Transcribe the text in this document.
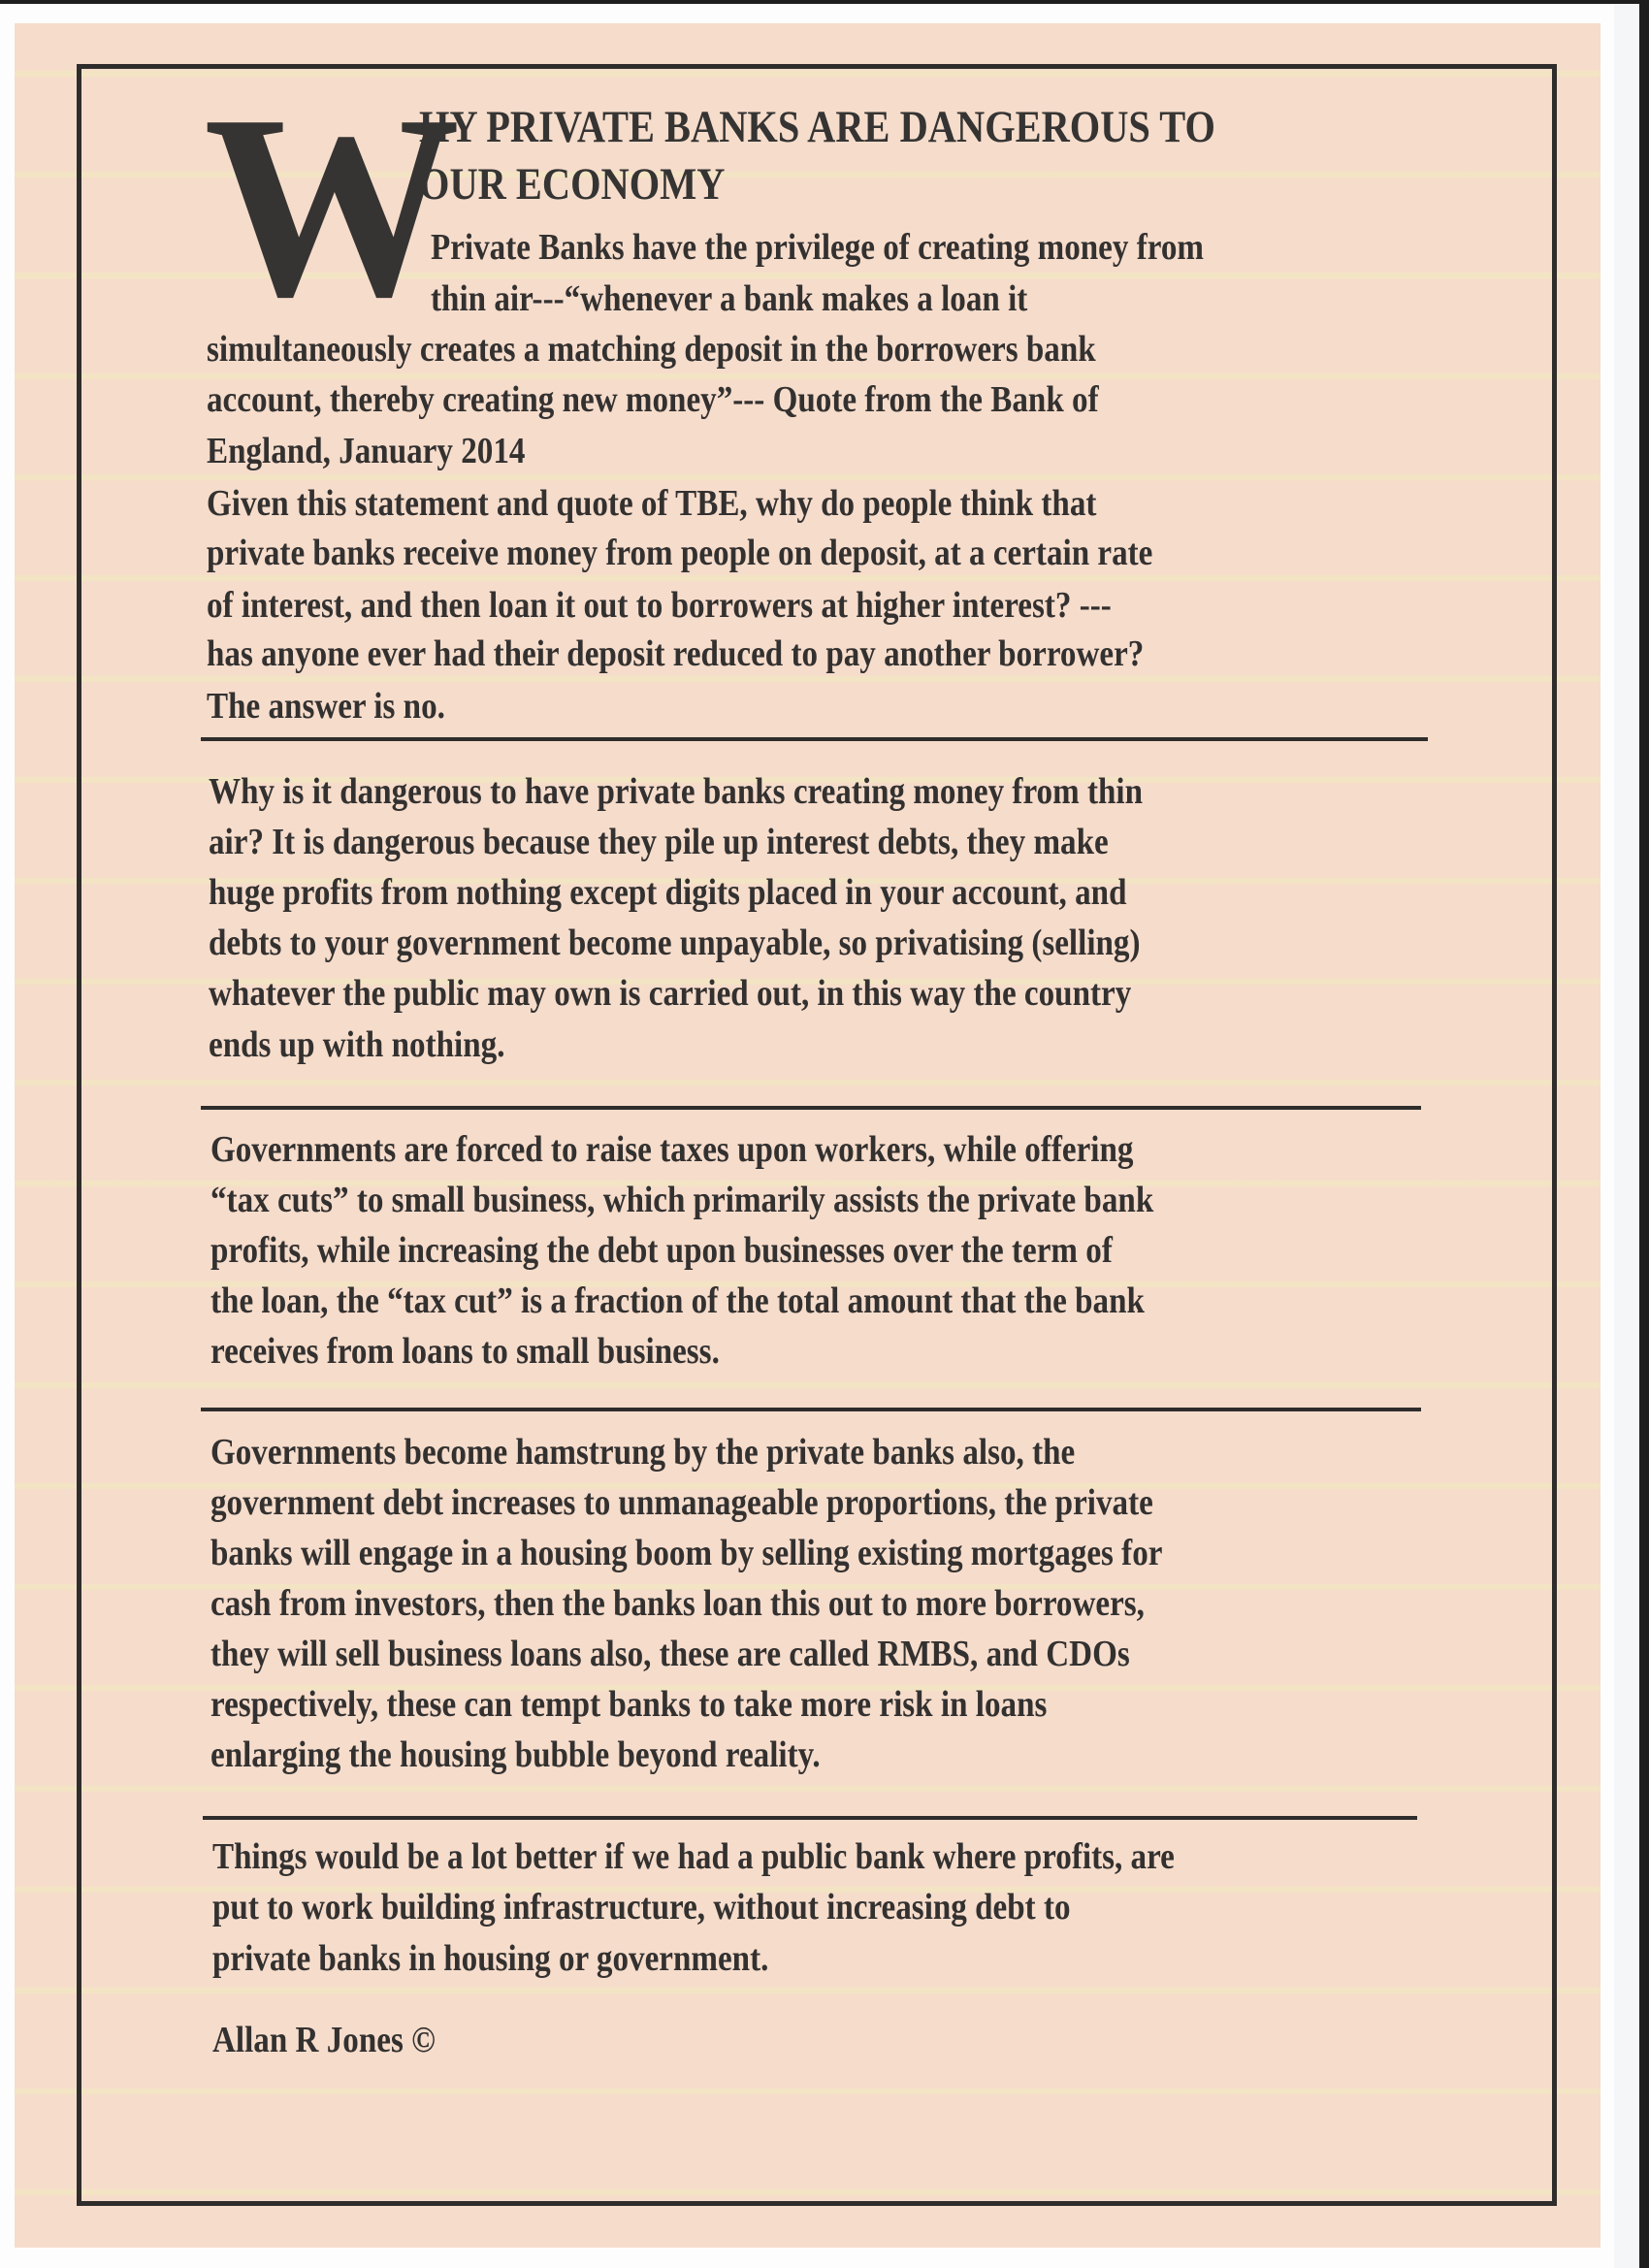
W
HY PRIVATE BANKS ARE DANGEROUS TO
OUR ECONOMY
Private Banks have the privilege of creating money from
thin air---“whenever a bank makes a loan it
simultaneously creates a matching deposit in the borrowers bank
account, thereby creating new money”--- Quote from the Bank of
England, January 2014
Given this statement and quote of TBE, why do people think that
private banks receive money from people on deposit, at a certain rate
of interest, and then loan it out to borrowers at higher interest? ---
has anyone ever had their deposit reduced to pay another borrower?
The answer is no.
Why is it dangerous to have private banks creating money from thin
air? It is dangerous because they pile up interest debts, they make
huge profits from nothing except digits placed in your account, and
debts to your government become unpayable, so privatising (selling)
whatever the public may own is carried out, in this way the country
ends up with nothing.
Governments are forced to raise taxes upon workers, while offering
“tax cuts” to small business, which primarily assists the private bank
profits, while increasing the debt upon businesses over the term of
the loan, the “tax cut” is a fraction of the total amount that the bank
receives from loans to small business.
Governments become hamstrung by the private banks also, the
government debt increases to unmanageable proportions, the private
banks will engage in a housing boom by selling existing mortgages for
cash from investors, then the banks loan this out to more borrowers,
they will sell business loans also, these are called RMBS, and CDOs
respectively, these can tempt banks to take more risk in loans
enlarging the housing bubble beyond reality.
Things would be a lot better if we had a public bank where profits, are
put to work building infrastructure, without increasing debt to
private banks in housing or government.
Allan R Jones ©
